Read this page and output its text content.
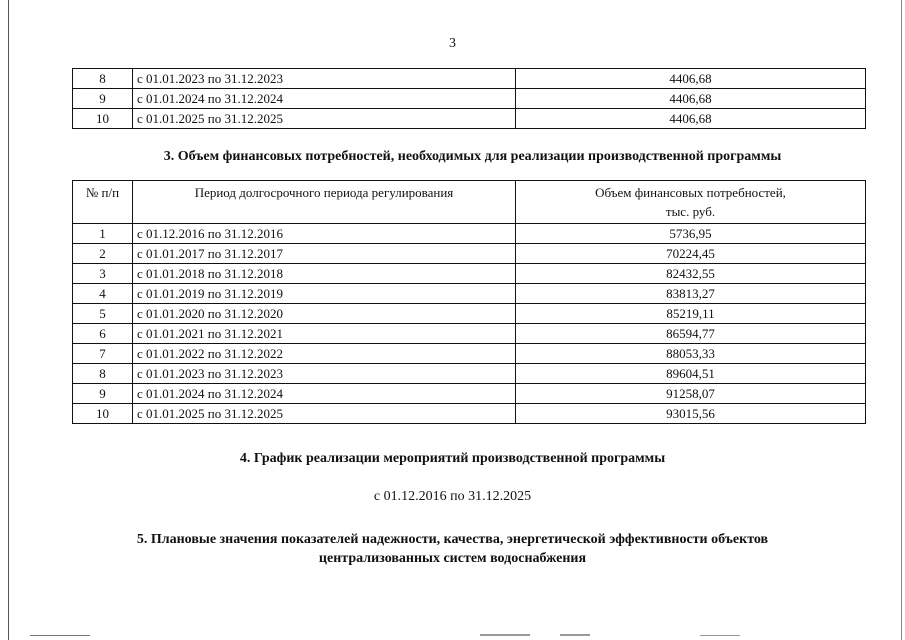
3
8	с 01.01.2023 по 31.12.2023	4406,68
9	с 01.01.2024 по 31.12.2024	4406,68
10	с 01.01.2025 по 31.12.2025	4406,68
3. Объем финансовых потребностей, необходимых для реализации производственной программы
№ п/п	Период долгосрочного периода регулирования	Объем финансовых потребностей,
тыс. руб.

1	с 01.12.2016 по 31.12.2016	5736,95
2	с 01.01.2017 по 31.12.2017	70224,45
3	с 01.01.2018 по 31.12.2018	82432,55
4	с 01.01.2019 по 31.12.2019	83813,27
5	с 01.01.2020 по 31.12.2020	85219,11
6	с 01.01.2021 по 31.12.2021	86594,77
7	с 01.01.2022 по 31.12.2022	88053,33
8	с 01.01.2023 по 31.12.2023	89604,51
9	с 01.01.2024 по 31.12.2024	91258,07
10	с 01.01.2025 по 31.12.2025	93015,56
4. График реализации мероприятий производственной программы
с 01.12.2016 по 31.12.2025
5. Плановые значения показателей надежности, качества, энергетической эффективности объектов
централизованных систем водоснабжения
